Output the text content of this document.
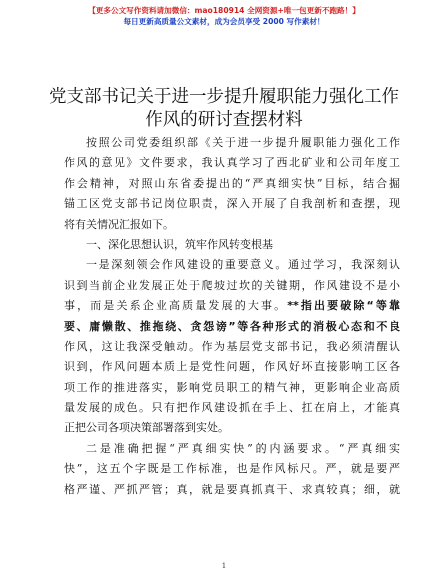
【更多公文写作资料请加微信：mao180914 全网资源+唯一包更新不跑路！】
每日更新高质量公文素材，成为会员享受 2000 写作素材！
党支部书记关于进一步提升履职能力强化工作
作风的研讨查摆材料
按照公司党委组织部《关于进一步提升履职能力强化工作
作风的意见》文件要求，我认真学习了西北矿业和公司年度工
作会精神，对照山东省委提出的“严真细实快”目标，结合掘
锚工区党支部书记岗位职责，深入开展了自我剖析和查摆，现
将有关情况汇报如下。
一、深化思想认识，筑牢作风转变根基
一是深刻领会作风建设的重要意义。通过学习，我深刻认
识到当前企业发展正处于爬坡过坎的关键期，作风建设不是小
事，而是关系企业高质量发展的大事。**指出要破除“等靠
要、庸懒散、推拖绕、贪怨谤”等各种形式的消极心态和不良
作风，这让我深受触动。作为基层党支部书记，我必须清醒认
识到，作风问题本质上是党性问题，作风好坏直接影响工区各
项工作的推进落实，影响党员职工的精气神，更影响企业高质
量发展的成色。只有把作风建设抓在手上、扛在肩上，才能真
正把公司各项决策部署落到实处。
二是准确把握“严真细实快”的内涵要求。“严真细实
快”，这五个字既是工作标准，也是作风标尺。严，就是要严
格严谨、严抓严管；真，就是要真抓真干、求真较真；细，就
1
